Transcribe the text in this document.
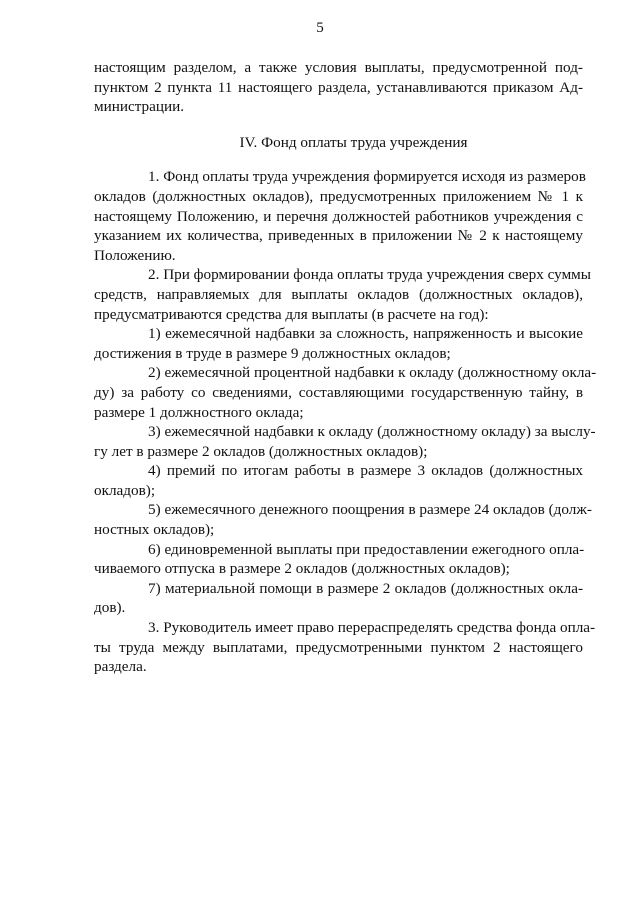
5
настоящим разделом, а также условия выплаты, предусмотренной под-
пунктом 2 пункта 11 настоящего раздела, устанавливаются приказом Ад-
министрации.
IV. Фонд оплаты труда учреждения
1. Фонд оплаты труда учреждения формируется исходя из размеров
окладов (должностных окладов), предусмотренных приложением № 1 к
настоящему Положению, и перечня должностей работников учреждения с
указанием их количества, приведенных в приложении № 2 к настоящему
Положению.
2. При формировании фонда оплаты труда учреждения сверх суммы
средств, направляемых для выплаты окладов (должностных окладов),
предусматриваются средства для выплаты (в расчете на год):
1) ежемесячной надбавки за сложность, напряженность и высокие
достижения в труде в размере 9 должностных окладов;
2) ежемесячной процентной надбавки к окладу (должностному окла-
ду) за работу со сведениями, составляющими государственную тайну, в
размере 1 должностного оклада;
3) ежемесячной надбавки к окладу (должностному окладу) за выслу-
гу лет в размере 2 окладов (должностных окладов);
4) премий по итогам работы в размере 3 окладов (должностных
окладов);
5) ежемесячного денежного поощрения в размере 24 окладов (долж-
ностных окладов);
6) единовременной выплаты при предоставлении ежегодного опла-
чиваемого отпуска в размере 2 окладов (должностных окладов);
7) материальной помощи в размере 2 окладов (должностных окла-
дов).
3. Руководитель имеет право перераспределять средства фонда опла-
ты труда между выплатами, предусмотренными пунктом 2 настоящего
раздела.
